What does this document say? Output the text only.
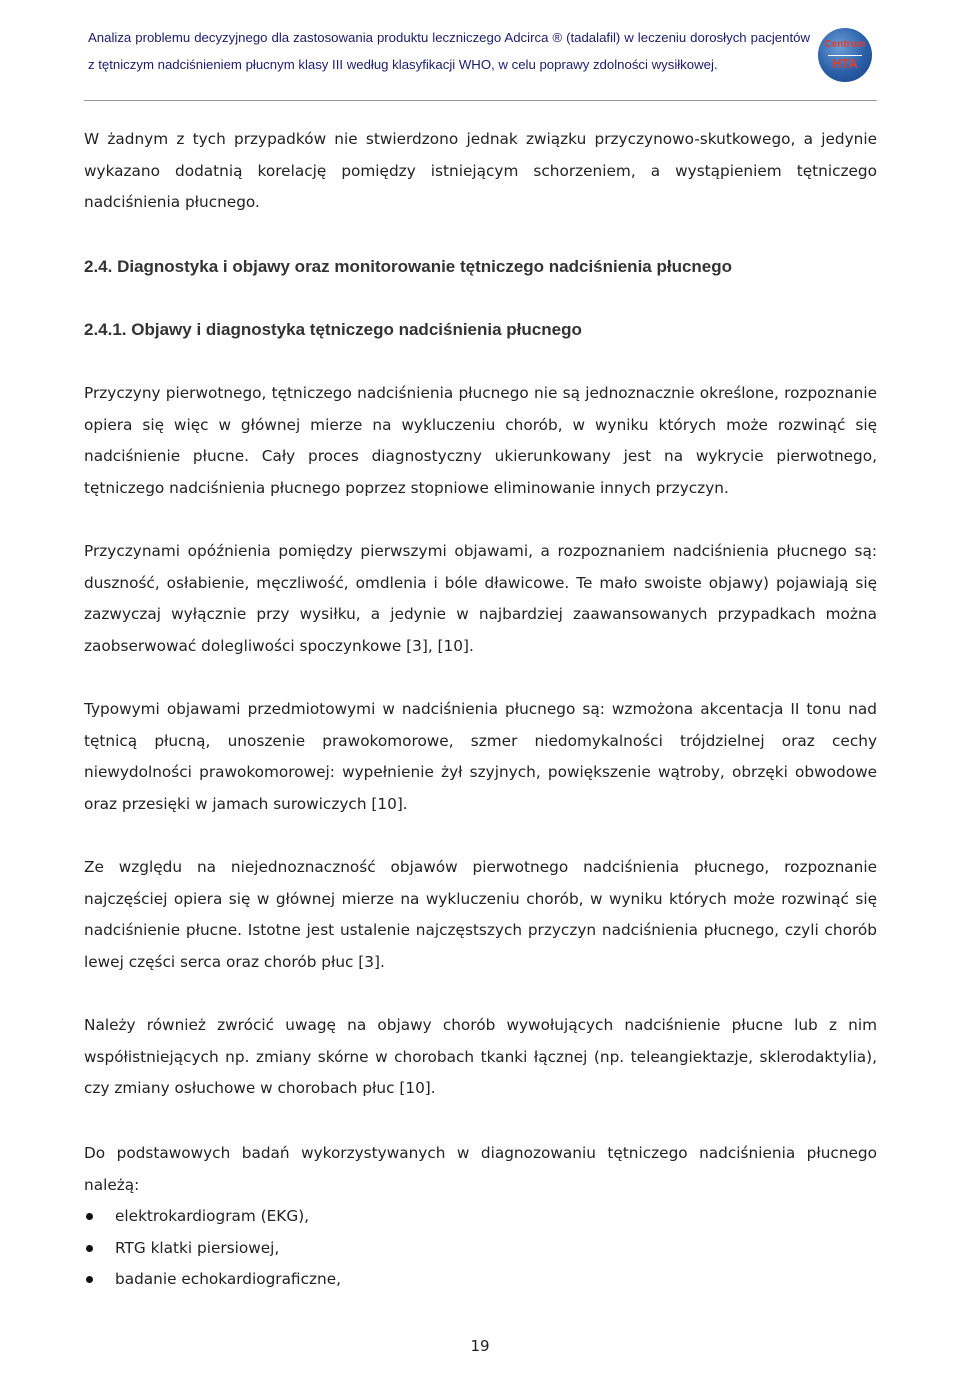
Analiza problemu decyzyjnego dla zastosowania produktu leczniczego Adcirca ® (tadalafil) w leczeniu dorosłych pacjentów z tętniczym nadciśnieniem płucnym klasy III według klasyfikacji WHO, w celu poprawy zdolności wysiłkowej.
Centrum
HTA

W żadnym z tych przypadków nie stwierdzono jednak związku przyczynowo-skutkowego, a jedynie wykazano dodatnią korelację pomiędzy istniejącym schorzeniem, a wystąpieniem tętniczego nadciśnienia płucnego.

2.4. Diagnostyka i objawy oraz monitorowanie tętniczego nadciśnienia płucnego
2.4.1. Objawy i diagnostyka tętniczego nadciśnienia płucnego

Przyczyny pierwotnego, tętniczego nadciśnienia płucnego nie są jednoznacznie określone, rozpoznanie opiera się więc w głównej mierze na wykluczeniu chorób, w wyniku których może rozwinąć się nadciśnienie płucne. Cały proces diagnostyczny ukierunkowany jest na wykrycie pierwotnego, tętniczego nadciśnienia płucnego poprzez stopniowe eliminowanie innych przyczyn.

Przyczynami opóźnienia pomiędzy pierwszymi objawami, a rozpoznaniem nadciśnienia płucnego są: duszność, osłabienie, męczliwość, omdlenia i bóle dławicowe. Te mało swoiste objawy) pojawiają się zazwyczaj wyłącznie przy wysiłku, a jedynie w najbardziej zaawansowanych przypadkach można zaobserwować dolegliwości spoczynkowe [3], [10].

Typowymi objawami przedmiotowymi w nadciśnienia płucnego są: wzmożona akcentacja II tonu nad tętnicą płucną, unoszenie prawokomorowe, szmer niedomykalności trójdzielnej oraz cechy niewydolności prawokomorowej: wypełnienie żył szyjnych, powiększenie wątroby, obrzęki obwodowe oraz przesięki w jamach surowiczych [10].

Ze względu na niejednoznaczność objawów pierwotnego nadciśnienia płucnego, rozpoznanie najczęściej opiera się w głównej mierze na wykluczeniu chorób, w wyniku których może rozwinąć się nadciśnienie płucne. Istotne jest ustalenie najczęstszych przyczyn nadciśnienia płucnego, czyli chorób lewej części serca oraz chorób płuc [3].

Należy również zwrócić uwagę na objawy chorób wywołujących nadciśnienie płucne lub z nim współistniejących np. zmiany skórne w chorobach tkanki łącznej (np. teleangiektazje, sklerodaktylia), czy zmiany osłuchowe w chorobach płuc [10].

Do podstawowych badań wykorzystywanych w diagnozowaniu tętniczego nadciśnienia płucnego należą:

elektrokardiogram (EKG),
RTG klatki piersiowej,
badanie echokardiograficzne,
19
